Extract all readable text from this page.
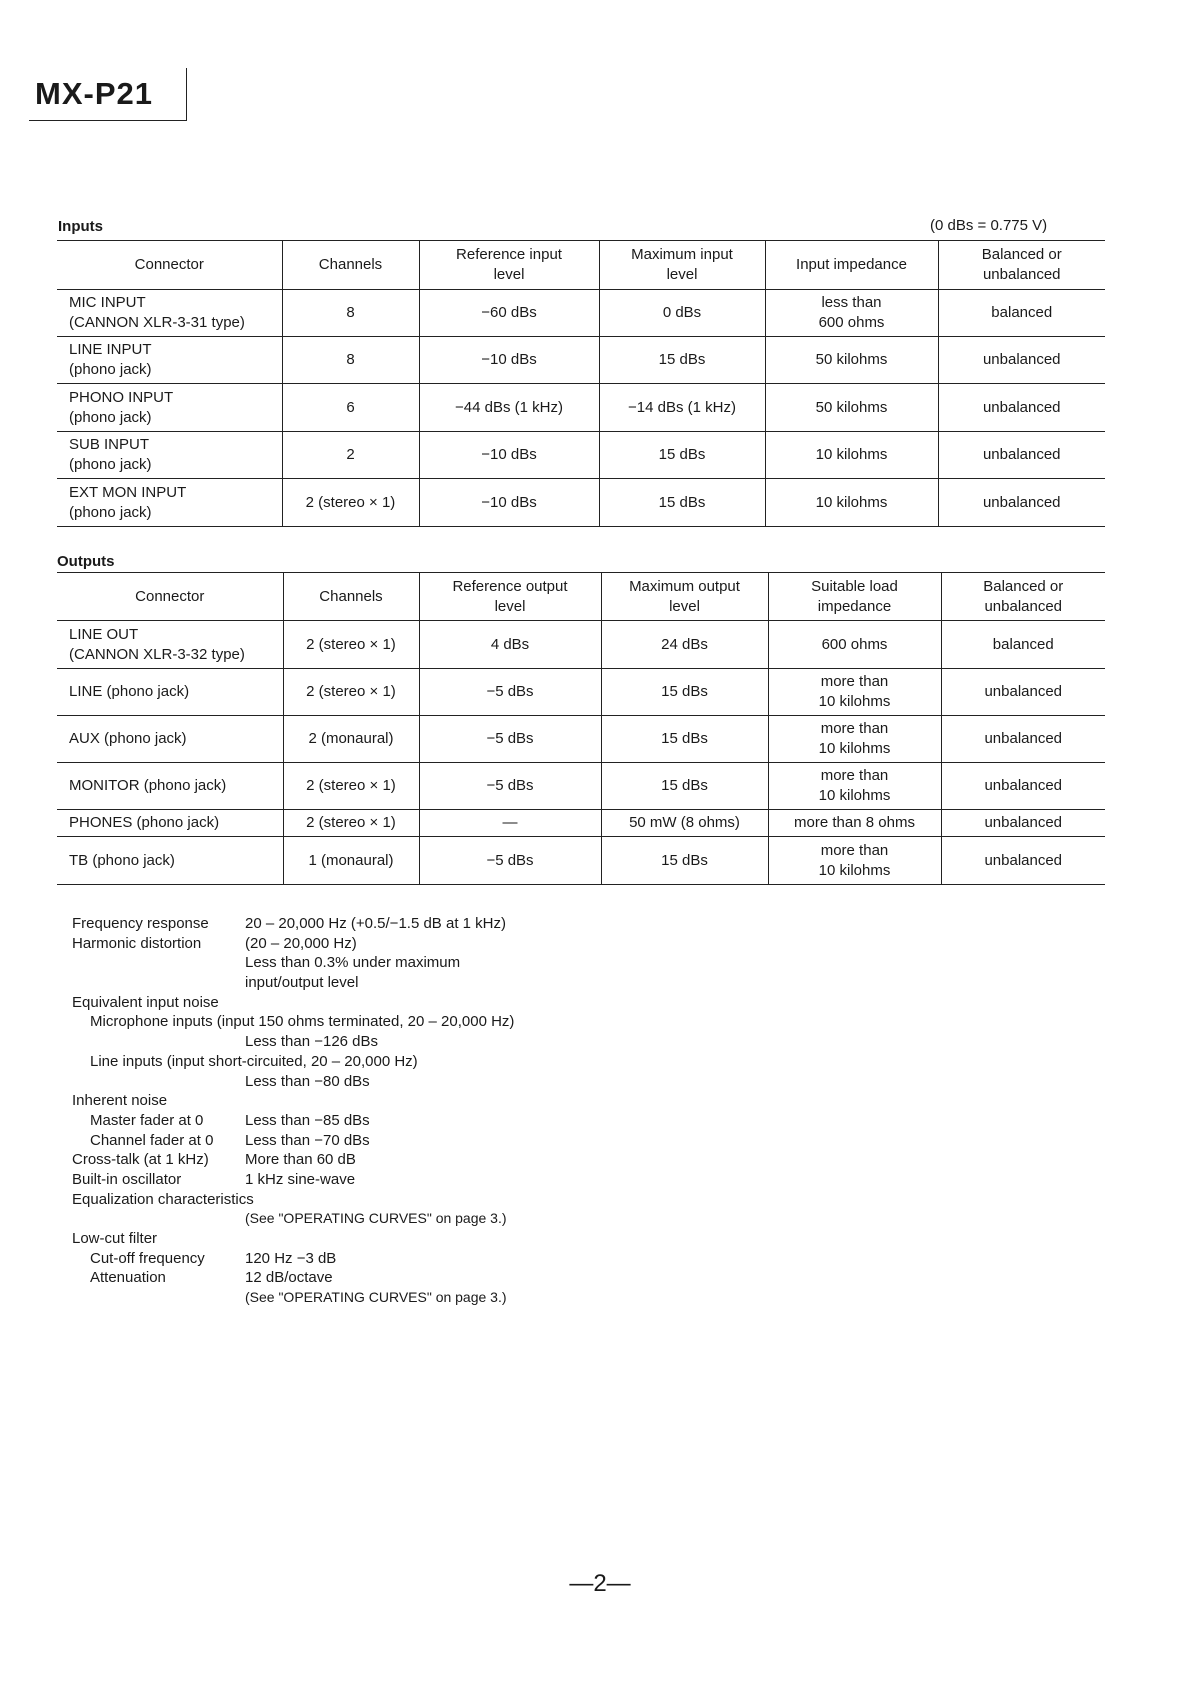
MX-P21
Inputs	(0 dBs = 0.775 V)
Connector	Channels	Reference input
level	Maximum input
level	Input impedance	Balanced or
unbalanced
MIC INPUT
(CANNON XLR-3-31 type)	8	−60 dBs	0 dBs	less than
600 ohms	balanced
LINE INPUT
(phono jack)	8	−10 dBs	15 dBs	50 kilohms	unbalanced
PHONO INPUT
(phono jack)	6	−44 dBs (1 kHz)	−14 dBs (1 kHz)	50 kilohms	unbalanced
SUB INPUT
(phono jack)	2	−10 dBs	15 dBs	10 kilohms	unbalanced
EXT MON INPUT
(phono jack)	2 (stereo × 1)	−10 dBs	15 dBs	10 kilohms	unbalanced
Outputs
Connector	Channels	Reference output
level	Maximum output
level	Suitable load
impedance	Balanced or
unbalanced
LINE OUT
(CANNON XLR-3-32 type)	2 (stereo × 1)	4 dBs	24 dBs	600 ohms	balanced
LINE (phono jack)	2 (stereo × 1)	−5 dBs	15 dBs	more than
10 kilohms	unbalanced
AUX (phono jack)	2 (monaural)	−5 dBs	15 dBs	more than
10 kilohms	unbalanced
MONITOR (phono jack)	2 (stereo × 1)	−5 dBs	15 dBs	more than
10 kilohms	unbalanced
PHONES (phono jack)	2 (stereo × 1)	—	50 mW (8 ohms)	more than 8 ohms	unbalanced
TB (phono jack)	1 (monaural)	−5 dBs	15 dBs	more than
10 kilohms	unbalanced
Frequency response 20 – 20,000 Hz (+0.5/−1.5 dB at 1 kHz)
Harmonic distortion	(20 – 20,000 Hz)
Less than 0.3% under maximum
input/output level
Equivalent input noise
Microphone inputs (input 150 ohms terminated, 20 – 20,000 Hz)
Less than −126 dBs
Line inputs (input short-circuited, 20 – 20,000 Hz)
Less than −80 dBs
Inherent noise
Master fader at 0	Less than −85 dBs
Channel fader at 0 Less than −70 dBs
Cross-talk (at 1 kHz) More than 60 dB
Built-in oscillator	1 kHz sine-wave
Equalization characteristics
(See "OPERATING CURVES" on page 3.)
Low-cut filter
Cut-off frequency	120 Hz −3 dB
Attenuation	12 dB/octave
(See "OPERATING CURVES" on page 3.)
—2—
